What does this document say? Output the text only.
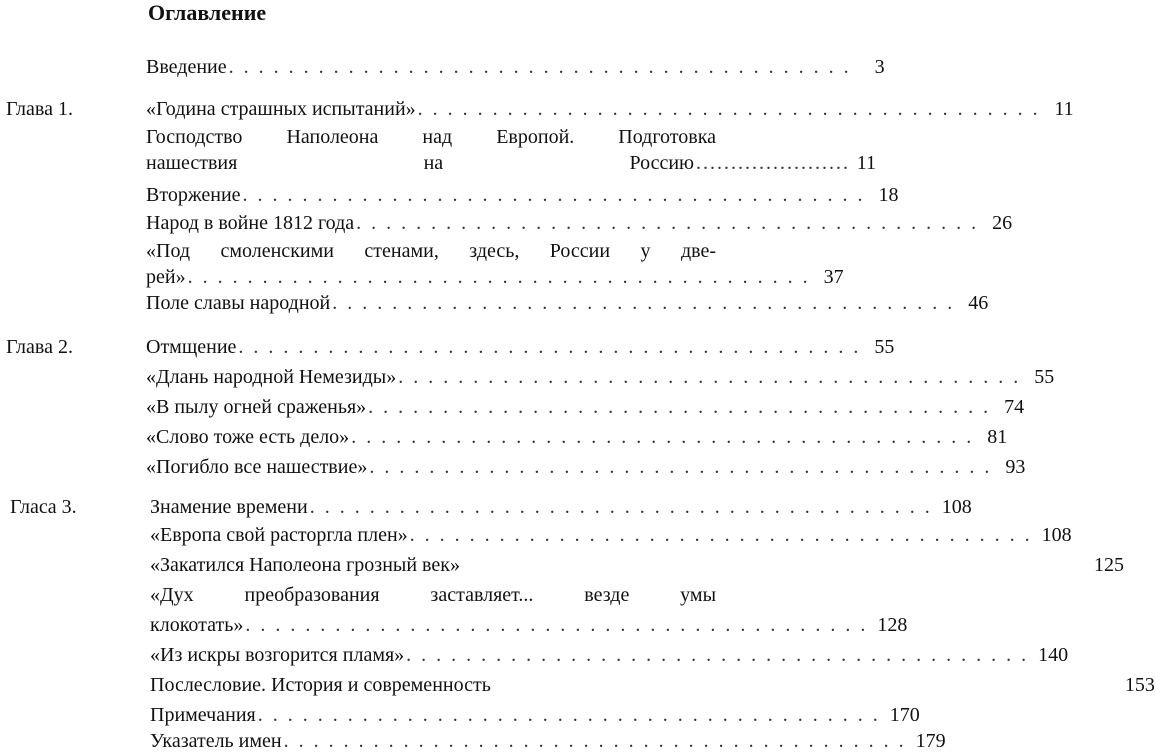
Оглавление
Введение .......................................... 3
Глава 1.	«Година страшных испытаний» .......................................... 11
Господство Наполеона над Европой. Подготовка
нашествия	на	Россию ...................... 11
Вторжение .......................................... 18
Народ в войне 1812 года .......................................... 26
«Под смоленскими стенами, здесь, России у две-
рей» .......................................... 37
Поле славы народной .......................................... 46
Глава 2.	Отмщение .......................................... 55
«Длань народной Немезиды» .......................................... 55
«В пылу огней сраженья» .......................................... 74
«Слово тоже есть дело» .......................................... 81
«Погибло все нашествие» .......................................... 93
Глаcа 3.	Знамение времени .......................................... 108
«Европа свой расторгла плен» .......................................... 108
«Закатился Наполеона грозный век»	125
«Дух преобразования заставляет... везде умы
клокотать» .......................................... 128
«Из искры возгорится пламя» .......................................... 140
Послесловие. История и современность	153
Примечания .......................................... 170
Указатель имен .......................................... 179
